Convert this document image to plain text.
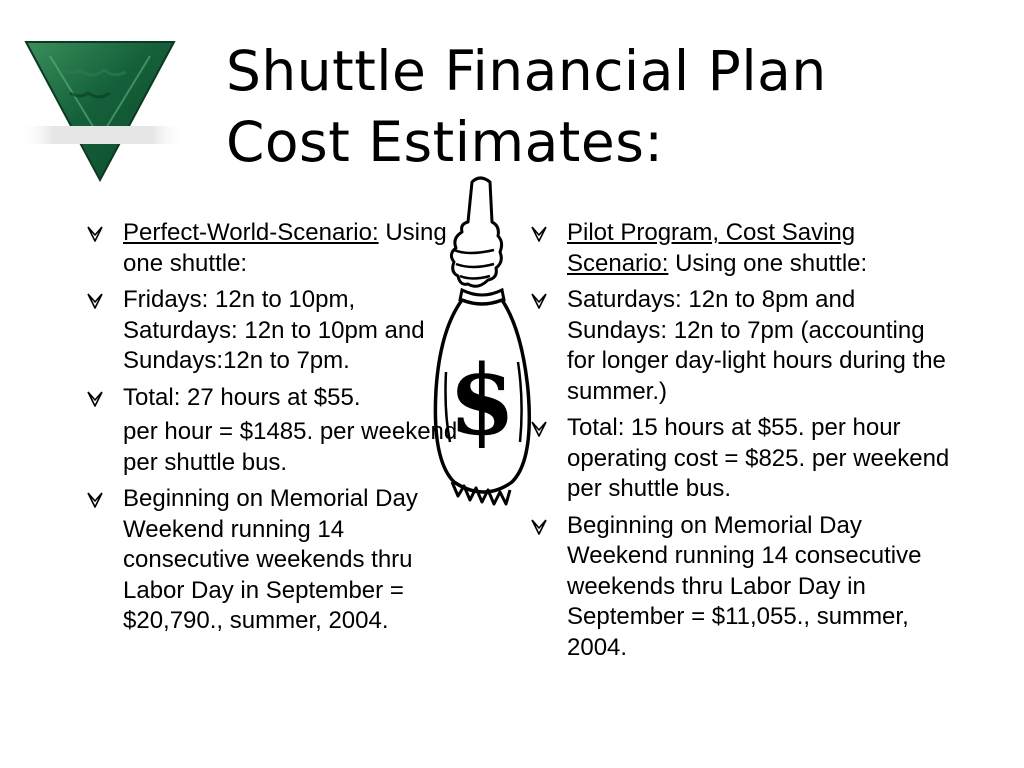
Shuttle Financial Plan
Cost Estimates:
$
Perfect-World-Scenario: Using one shuttle:
Fridays: 12n to 10pm, Saturdays: 12n to 10pm and Sundays:12n to 7pm.
Total: 27 hours at $55.
per hour = $1485. per weekend per shuttle bus.
Beginning on Memorial Day Weekend running 14 consecutive weekends thru Labor Day in September = $20,790., summer, 2004.
Pilot Program, Cost Saving Scenario: Using one shuttle:
Saturdays: 12n to 8pm and Sundays: 12n to 7pm (accounting for longer day-light hours during the summer.)
Total: 15 hours at $55. per hour operating cost = $825. per weekend per shuttle bus.
Beginning on Memorial Day Weekend running 14 consecutive weekends thru Labor Day in September = $11,055., summer, 2004.
